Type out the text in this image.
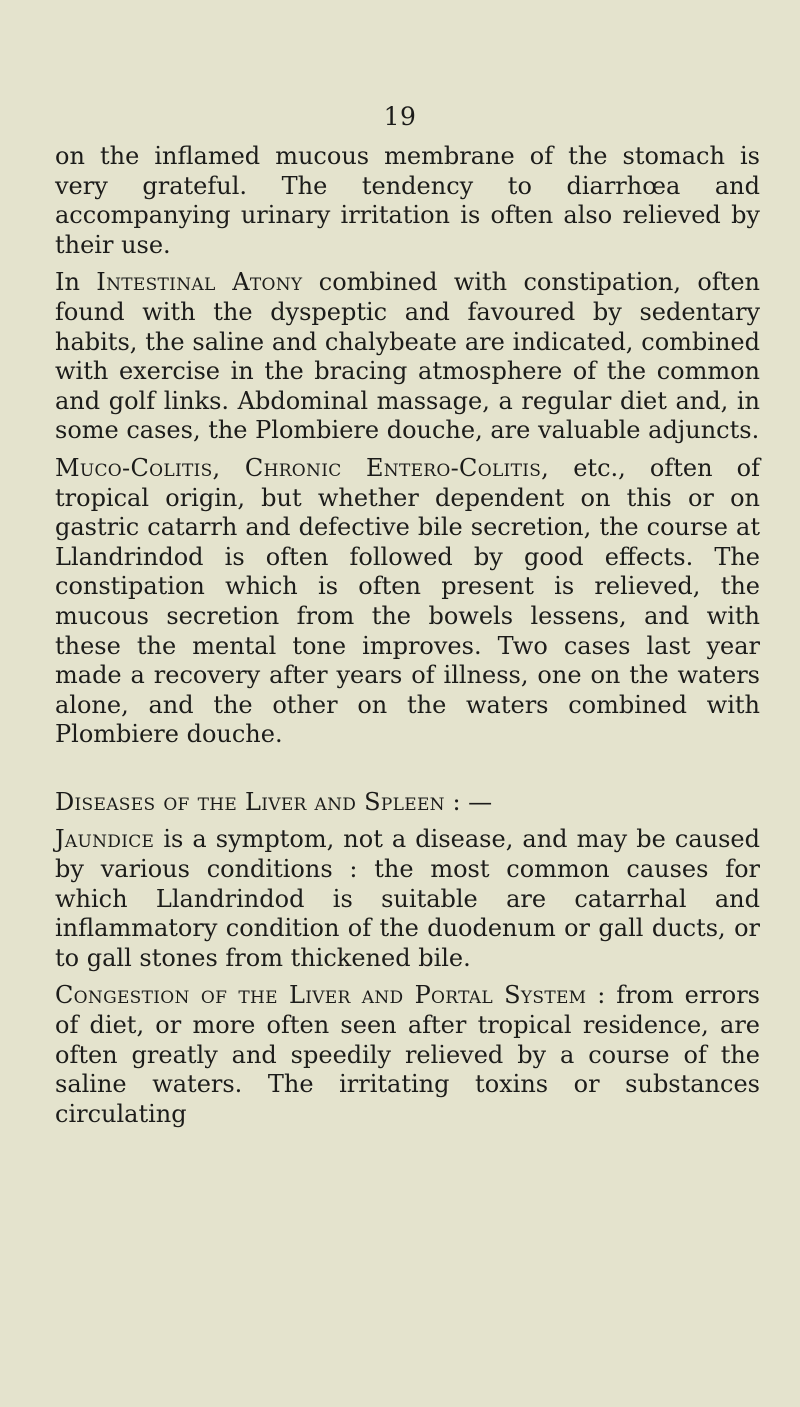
19

on the inflamed mucous membrane of the stomach is very grateful. The tendency to diarrhœa and accompanying urinary irritation is often also relieved by their use.

In Intestinal Atony combined with constipation, often found with the dyspeptic and favoured by sedentary habits, the saline and chalybeate are indicated, combined with exercise in the bracing atmosphere of the common and golf links. Abdominal massage, a regular diet and, in some cases, the Plombiere douche, are valuable adjuncts.

Muco-Colitis, Chronic Entero-Colitis, etc., often of tropical origin, but whether dependent on this or on gastric catarrh and defective bile secretion, the course at Llandrindod is often followed by good effects. The constipation which is often present is relieved, the mucous secretion from the bowels lessens, and with these the mental tone improves. Two cases last year made a recovery after years of illness, one on the waters alone, and the other on the waters combined with Plombiere douche.

Diseases of the Liver and Spleen : —

Jaundice is a symptom, not a disease, and may be caused by various conditions : the most common causes for which Llandrindod is suitable are catarrhal and inflammatory condition of the duodenum or gall ducts, or to gall stones from thickened bile.

Congestion of the Liver and Portal System : from errors of diet, or more often seen after tropical residence, are often greatly and speedily relieved by a course of the saline waters. The irritating toxins or substances circulating
